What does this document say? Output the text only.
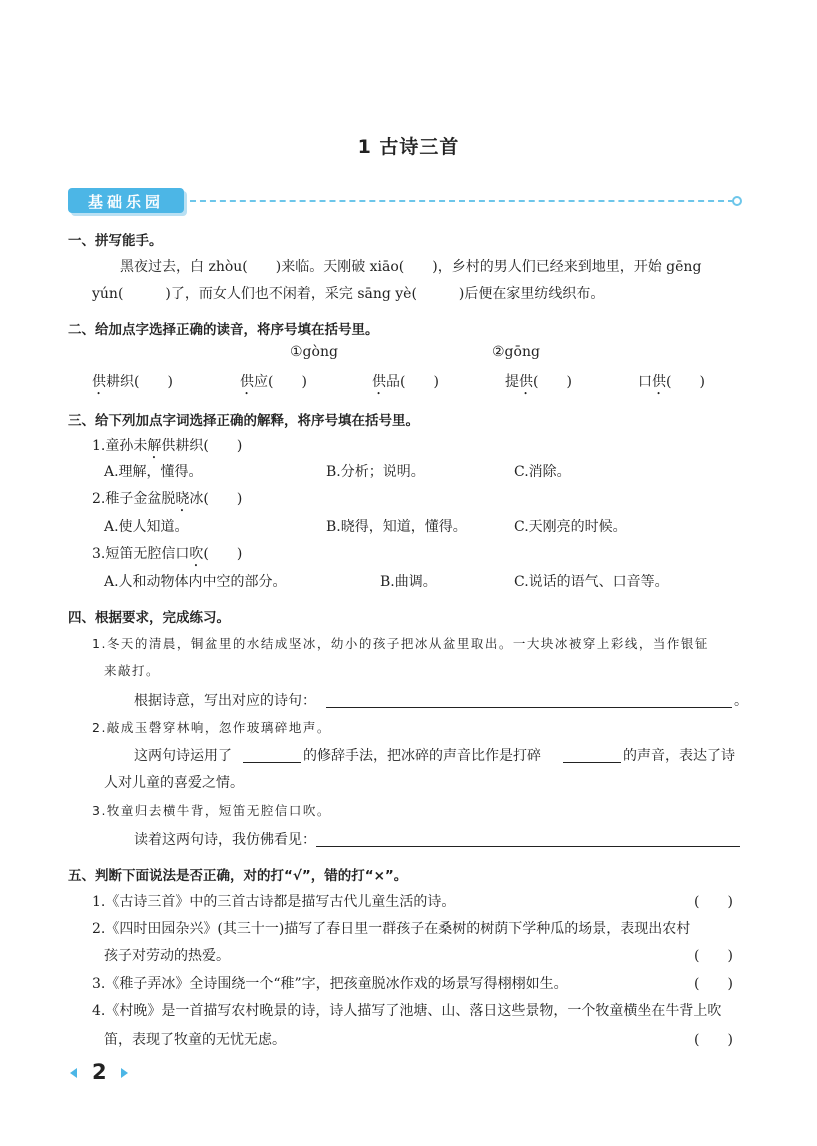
1 古诗三首
基础乐园
一、拼写能手。
黑夜过去，白 zhòu(　　)来临。天刚破 xiāo(　　)，乡村的男人们已经来到地里，开始 gēng
yún(　　　)了，而女人们也不闲着，采完 sāng yè(　　　)后便在家里纺线织布。
二、给加点字选择正确的读音，将序号填在括号里。
①gòng	②gōng
供耕织(　　)	供应(　　)	供品(　　)	提供(　　)	口供(　　)
三、给下列加点字词选择正确的解释，将序号填在括号里。
1.童孙未解供耕织(　　)
A.理解，懂得。	B.分析；说明。	C.消除。
2.稚子金盆脱晓冰(　　)
A.使人知道。	B.晓得，知道，懂得。	C.天刚亮的时候。
3.短笛无腔信口吹(　　)
A.人和动物体内中空的部分。	B.曲调。	C.说话的语气、口音等。
四、根据要求，完成练习。
1.冬天的清晨，铜盆里的水结成坚冰，幼小的孩子把冰从盆里取出。一大块冰被穿上彩线，当作银钲
来敲打。
根据诗意，写出对应的诗句：	。
2.敲成玉磬穿林响，忽作玻璃碎地声。
这两句诗运用了	的修辞手法，把冰碎的声音比作是打碎	的声音，表达了诗
人对儿童的喜爱之情。
3.牧童归去横牛背，短笛无腔信口吹。
读着这两句诗，我仿佛看见：
五、判断下面说法是否正确，对的打“√”，错的打“×”。
1.《古诗三首》中的三首古诗都是描写古代儿童生活的诗。	(　　)
2.《四时田园杂兴》(其三十一)描写了春日里一群孩子在桑树的树荫下学种瓜的场景，表现出农村
孩子对劳动的热爱。	(　　)
3.《稚子弄冰》全诗围绕一个“稚”字，把孩童脱冰作戏的场景写得栩栩如生。	(　　)
4.《村晚》是一首描写农村晚景的诗，诗人描写了池塘、山、落日这些景物，一个牧童横坐在牛背上吹
笛，表现了牧童的无忧无虑。	(　　)
2
